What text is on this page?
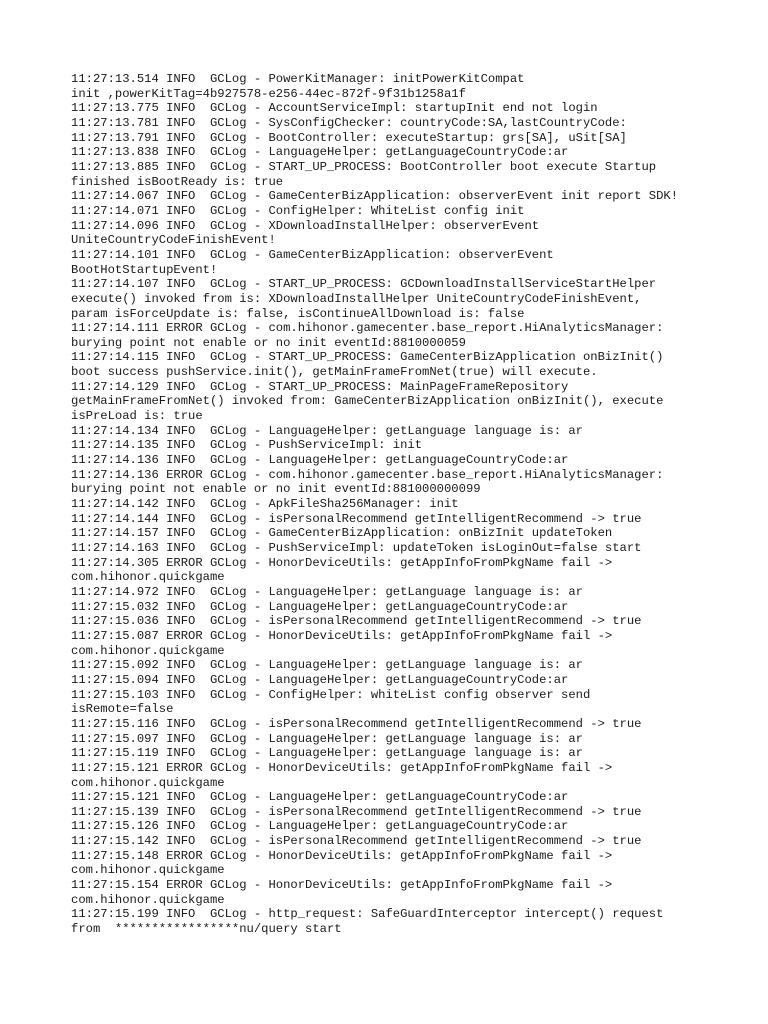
11:27:13.514 INFO  GCLog - PowerKitManager: initPowerKitCompat
init ,powerKitTag=4b927578-e256-44ec-872f-9f31b1258a1f
11:27:13.775 INFO  GCLog - AccountServiceImpl: startupInit end not login
11:27:13.781 INFO  GCLog - SysConfigChecker: countryCode:SA,lastCountryCode:
11:27:13.791 INFO  GCLog - BootController: executeStartup: grs[SA], uSit[SA]
11:27:13.838 INFO  GCLog - LanguageHelper: getLanguageCountryCode:ar
11:27:13.885 INFO  GCLog - START_UP_PROCESS: BootController boot execute Startup
finished isBootReady is: true
11:27:14.067 INFO  GCLog - GameCenterBizApplication: observerEvent init report SDK!
11:27:14.071 INFO  GCLog - ConfigHelper: WhiteList config init
11:27:14.096 INFO  GCLog - XDownloadInstallHelper: observerEvent
UniteCountryCodeFinishEvent!
11:27:14.101 INFO  GCLog - GameCenterBizApplication: observerEvent
BootHotStartupEvent!
11:27:14.107 INFO  GCLog - START_UP_PROCESS: GCDownloadInstallServiceStartHelper
execute() invoked from is: XDownloadInstallHelper UniteCountryCodeFinishEvent,
param isForceUpdate is: false, isContinueAllDownload is: false
11:27:14.111 ERROR GCLog - com.hihonor.gamecenter.base_report.HiAnalyticsManager:
burying point not enable or no init eventId:8810000059
11:27:14.115 INFO  GCLog - START_UP_PROCESS: GameCenterBizApplication onBizInit()
boot success pushService.init(), getMainFrameFromNet(true) will execute.
11:27:14.129 INFO  GCLog - START_UP_PROCESS: MainPageFrameRepository
getMainFrameFromNet() invoked from: GameCenterBizApplication onBizInit(), execute
isPreLoad is: true
11:27:14.134 INFO  GCLog - LanguageHelper: getLanguage language is: ar
11:27:14.135 INFO  GCLog - PushServiceImpl: init
11:27:14.136 INFO  GCLog - LanguageHelper: getLanguageCountryCode:ar
11:27:14.136 ERROR GCLog - com.hihonor.gamecenter.base_report.HiAnalyticsManager:
burying point not enable or no init eventId:881000000099
11:27:14.142 INFO  GCLog - ApkFileSha256Manager: init
11:27:14.144 INFO  GCLog - isPersonalRecommend getIntelligentRecommend -> true
11:27:14.157 INFO  GCLog - GameCenterBizApplication: onBizInit updateToken
11:27:14.163 INFO  GCLog - PushServiceImpl: updateToken isLoginOut=false start
11:27:14.305 ERROR GCLog - HonorDeviceUtils: getAppInfoFromPkgName fail ->
com.hihonor.quickgame
11:27:14.972 INFO  GCLog - LanguageHelper: getLanguage language is: ar
11:27:15.032 INFO  GCLog - LanguageHelper: getLanguageCountryCode:ar
11:27:15.036 INFO  GCLog - isPersonalRecommend getIntelligentRecommend -> true
11:27:15.087 ERROR GCLog - HonorDeviceUtils: getAppInfoFromPkgName fail ->
com.hihonor.quickgame
11:27:15.092 INFO  GCLog - LanguageHelper: getLanguage language is: ar
11:27:15.094 INFO  GCLog - LanguageHelper: getLanguageCountryCode:ar
11:27:15.103 INFO  GCLog - ConfigHelper: whiteList config observer send
isRemote=false
11:27:15.116 INFO  GCLog - isPersonalRecommend getIntelligentRecommend -> true
11:27:15.097 INFO  GCLog - LanguageHelper: getLanguage language is: ar
11:27:15.119 INFO  GCLog - LanguageHelper: getLanguage language is: ar
11:27:15.121 ERROR GCLog - HonorDeviceUtils: getAppInfoFromPkgName fail ->
com.hihonor.quickgame
11:27:15.121 INFO  GCLog - LanguageHelper: getLanguageCountryCode:ar
11:27:15.139 INFO  GCLog - isPersonalRecommend getIntelligentRecommend -> true
11:27:15.126 INFO  GCLog - LanguageHelper: getLanguageCountryCode:ar
11:27:15.142 INFO  GCLog - isPersonalRecommend getIntelligentRecommend -> true
11:27:15.148 ERROR GCLog - HonorDeviceUtils: getAppInfoFromPkgName fail ->
com.hihonor.quickgame
11:27:15.154 ERROR GCLog - HonorDeviceUtils: getAppInfoFromPkgName fail ->
com.hihonor.quickgame
11:27:15.199 INFO  GCLog - http_request: SafeGuardInterceptor intercept() request
from  *****************nu/query start
